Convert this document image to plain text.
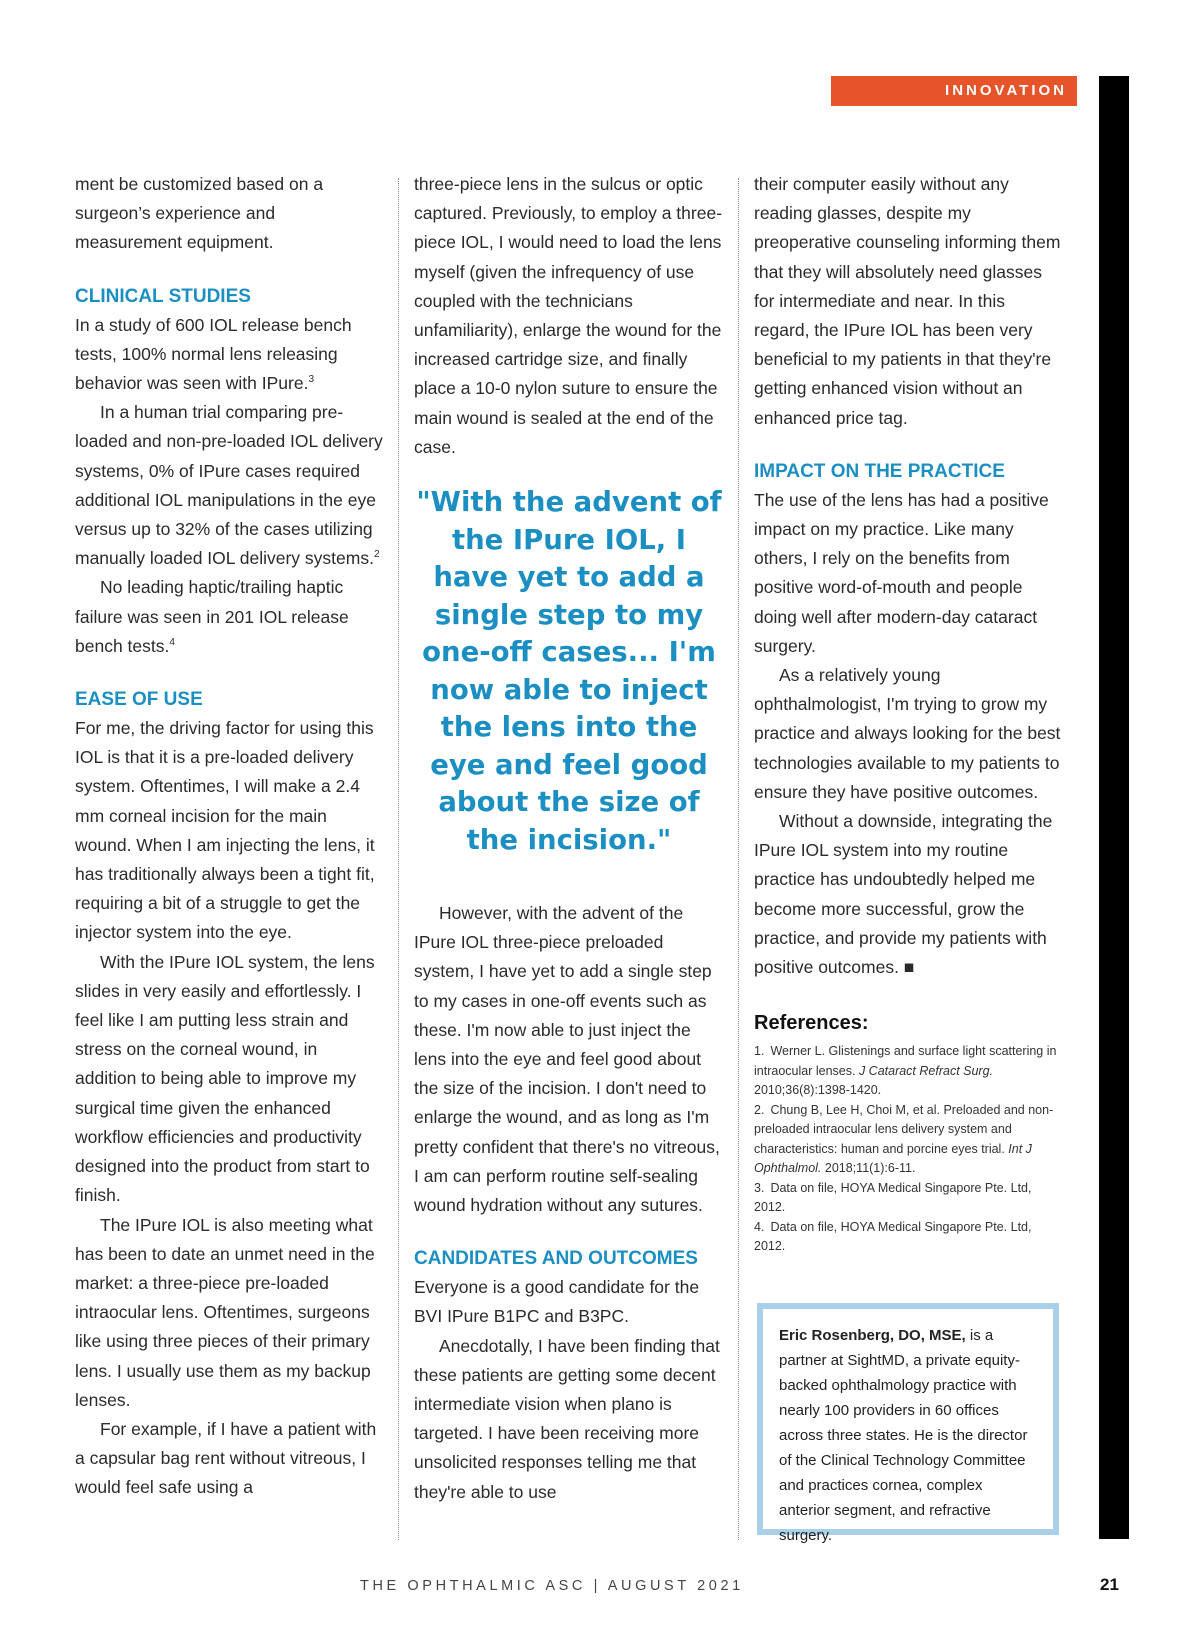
INNOVATION

ment be customized based on a surgeon’s experience and measurement equipment.

CLINICAL STUDIES

In a study of 600 IOL release bench tests, 100% normal lens releasing behavior was seen with IPure.$^3$

In a human trial comparing pre-loaded and non-pre-loaded IOL delivery systems, 0% of IPure cases required additional IOL manipulations in the eye versus up to 32% of the cases utilizing manually loaded IOL delivery systems.$^2$

No leading haptic/trailing haptic failure was seen in 201 IOL release bench tests.$^4$

EASE OF USE

For me, the driving factor for using this IOL is that it is a pre-loaded delivery system. Oftentimes, I will make a 2.4 mm corneal incision for the main wound. When I am injecting the lens, it has traditionally always been a tight fit, requiring a bit of a struggle to get the injector system into the eye.

With the IPure IOL system, the lens slides in very easily and effortlessly. I feel like I am putting less strain and stress on the corneal wound, in addition to being able to improve my surgical time given the enhanced workflow efficiencies and productivity designed into the product from start to finish.

The IPure IOL is also meeting what has been to date an unmet need in the market: a three-piece pre-loaded intraocular lens. Oftentimes, surgeons like using three pieces of their primary lens. I usually use them as my backup lenses.

For example, if I have a patient with a capsular bag rent without vitreous, I would feel safe using a

three-piece lens in the sulcus or optic captured. Previously, to employ a three-piece IOL, I would need to load the lens myself (given the infrequency of use coupled with the technicians unfamiliarity), enlarge the wound for the increased cartridge size, and finally place a 10-0 nylon suture to ensure the main wound is sealed at the end of the case.

"With the advent of the IPure IOL, I have yet to add a single step to my one-off cases... I'm now able to inject the lens into the eye and feel good about the size of the incision."

However, with the advent of the IPure IOL three-piece preloaded system, I have yet to add a single step to my cases in one-off events such as these. I'm now able to just inject the lens into the eye and feel good about the size of the incision. I don't need to enlarge the wound, and as long as I'm pretty confident that there's no vitreous, I am can perform routine self-sealing wound hydration without any sutures.

CANDIDATES AND OUTCOMES

Everyone is a good candidate for the BVI IPure B1PC and B3PC.

Anecdotally, I have been finding that these patients are getting some decent intermediate vision when plano is targeted. I have been receiving more unsolicited responses telling me that they're able to use

their computer easily without any reading glasses, despite my preoperative counseling informing them that they will absolutely need glasses for intermediate and near. In this regard, the IPure IOL has been very beneficial to my patients in that they're getting enhanced vision without an enhanced price tag.

IMPACT ON THE PRACTICE

The use of the lens has had a positive impact on my practice. Like many others, I rely on the benefits from positive word-of-mouth and people doing well after modern-day cataract surgery.

As a relatively young ophthalmologist, I'm trying to grow my practice and always looking for the best technologies available to my patients to ensure they have positive outcomes.

Without a downside, integrating the IPure IOL system into my routine practice has undoubtedly helped me become more successful, grow the practice, and provide my patients with positive outcomes. ■

References:

1. Werner L. Glistenings and surface light scattering in intraocular lenses. J Cataract Refract Surg. 2010;36(8):1398-1420.

2. Chung B, Lee H, Choi M, et al. Preloaded and non-preloaded intraocular lens delivery system and characteristics: human and porcine eyes trial. Int J Ophthalmol. 2018;11(1):6-11.

3. Data on file, HOYA Medical Singapore Pte. Ltd, 2012.

4. Data on file, HOYA Medical Singapore Pte. Ltd, 2012.

Eric Rosenberg, DO, MSE, is a partner at SightMD, a private equity-backed ophthalmology practice with nearly 100 providers in 60 offices across three states. He is the director of the Clinical Technology Committee and practices cornea, complex anterior segment, and refractive surgery.
THE OPHTHALMIC ASC | AUGUST 2021	21
